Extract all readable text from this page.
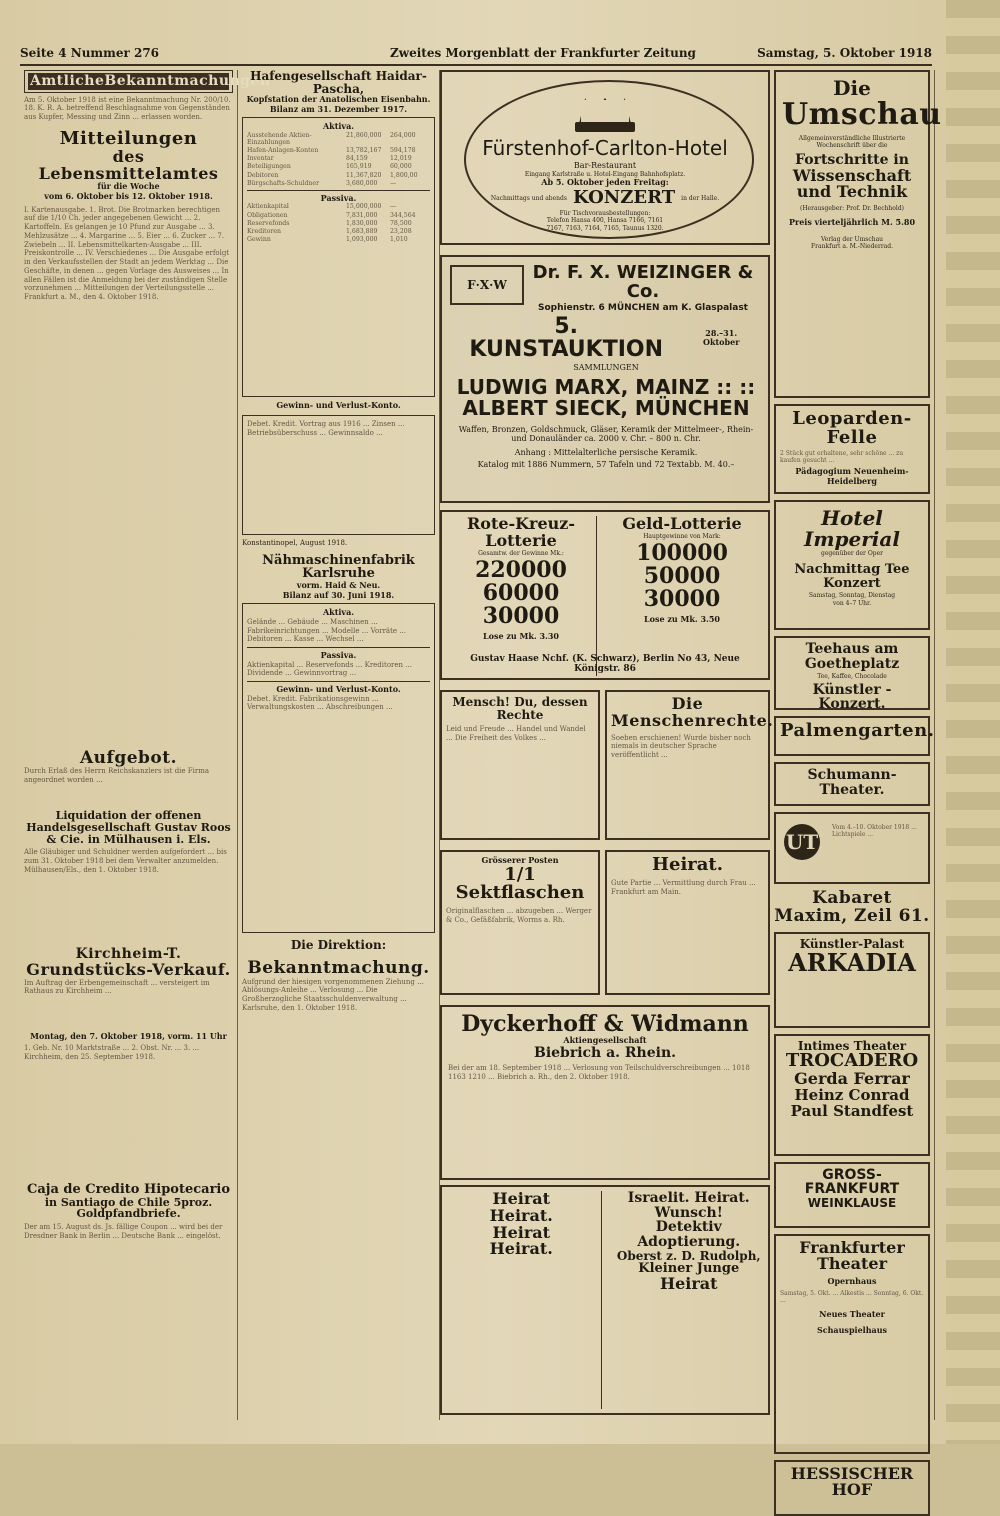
Seite 4 Nummer 276	Zweites Morgenblatt der Frankfurter Zeitung	Samstag, 5. Oktober 1918
AmtlicheBekanntmachungen
Am 5. Oktober 1918 ist eine Bekanntmachung Nr. 200/10. 18. K. R. A. betreffend Beschlagnahme von Gegenständen aus Kupfer, Messing und Zinn ... erlassen worden.
Mitteilungen
des Lebensmittelamtes
für die Woche
vom 6. Oktober bis 12. Oktober 1918.
I. Kartenausgabe. 1. Brot. Die Brotmarken berechtigen auf die 1/10 Ch. jeder angegebenen Gewicht ... 2. Kartoffeln. Es gelangen je 10 Pfund zur Ausgabe ... 3. Mehlzusätze ... 4. Margarine ... 5. Eier ... 6. Zucker ... 7. Zwiebeln ... II. Lebensmittelkarten-Ausgabe ... III. Preiskontrolle ... IV. Verschiedenes ... Die Ausgabe erfolgt in den Verkaufsstellen der Stadt an jedem Werktag ... Die Geschäfte, in denen ... gegen Vorlage des Ausweises ... In allen Fällen ist die Anmeldung bei der zuständigen Stelle vorzunehmen ... Mitteilungen der Verteilungsstelle ... Frankfurt a. M., den 4. Oktober 1918.
Aufgebot.
Durch Erlaß des Herrn Reichskanzlers ist die Firma angeordnet worden ...
Liquidation der offenen Handelsgesellschaft Gustav Roos & Cie. in Mülhausen i. Els.
Alle Gläubiger und Schuldner werden aufgefordert ... bis zum 31. Oktober 1918 bei dem Verwalter anzumelden. Mülhausen/Els., den 1. Oktober 1918.
Kirchheim-T.
Grundstücks-Verkauf.
Im Auftrag der Erbengemeinschaft ... versteigert im Rathaus zu Kirchheim ...
Montag, den 7. Oktober 1918, vorm. 11 Uhr
1. Geb. Nr. 10 Marktstraße ... 2. Obst. Nr. ... 3. ... Kirchheim, den 25. September 1918.
Caja de Credito Hipotecario
in Santiago de Chile 5proz. Goldpfandbriefe.
Der am 15. August ds. Js. fällige Coupon ... wird bei der Dresdner Bank in Berlin ... Deutsche Bank ... eingelöst.
Hafengesellschaft Haidar-Pascha,
Kopfstation der Anatolischen Eisenbahn.
Bilanz am 31. Dezember 1917.
Aktiva.
Ausstehende Aktien-Einzahlungen
21,860,000	264,000
Hafen-Anlagen-Konten	13,782,167	594,178
Inventar	84,159	12,019
Beteiligungen	165,919	60,000
Debitoren	11,367,820	1,800,00
Bürgschafts-Schuldner	3,680,000	—
Passiva.
Aktienkapital	15,000,000	—
Obligationen	7,831,000	344,564
Reservefonds	1,830,000	78,500
Kreditoren	1,683,889	23,208
Gewinn	1,093,000	1,010
Gewinn- und Verlust-Konto.
Debet. Kredit. Vortrag aus 1916 ... Zinsen ... Betriebsüberschuss ... Gewinnsaldo ...
Konstantinopel, August 1918.
Nähmaschinenfabrik Karlsruhe
vorm. Haid & Neu.
Bilanz auf 30. Juni 1918.
Aktiva.
Gelände ... Gebäude ... Maschinen ... Fabrikeinrichtungen ... Modelle ... Vorräte ... Debitoren ... Kasse ... Wechsel ...
Passiva.
Aktienkapital ... Reservefonds ... Kreditoren ... Dividende ... Gewinnvortrag ...
Gewinn- und Verlust-Konto.
Debet. Kredit. Fabrikationsgewinn ... Verwaltungskosten ... Abschreibungen ...
Die Direktion:
Bekanntmachung.
Aufgrund der hiesigen vorgenommenen Ziehung ... Ablösungs-Anleihe ... Verlosung ... Die Großherzogliche Staatsschuldenverwaltung ... Karlsruhe, den 1. Oktober 1918.
Fürstenhof-Carlton-Hotel
Bar-Restaurant
Eingang Karlstraße u. Hotel-Eingang Bahnhofsplatz.
Ab 5. Oktober jeden Freitag:
Nachmittags und abends KONZERT in der Halle.
Für Tischvorausbestellungen:
Telefon Hansa 400, Hansa 7166, 7161
7167, 7163, 7164, 7165, Taunus 1320.
F·X·W
Dr. F. X. WEIZINGER & Co.
Sophienstr. 6 MÜNCHEN am K. Glaspalast
5. KUNSTAUKTION
28.–31. Oktober
SAMMLUNGEN
LUDWIG MARX, MAINZ :: ::
ALBERT SIECK, MÜNCHEN
Waffen, Bronzen, Goldschmuck, Gläser, Keramik der Mittelmeer-, Rhein- und Donauländer ca. 2000 v. Chr. – 800 n. Chr.
Anhang : Mittelalterliche persische Keramik.
Katalog mit 1886 Nummern, 57 Tafeln und 72 Textabb. M. 40.–
Rote-Kreuz-Lotterie
Gesamtw. der Gewinne Mk.:
220000
60000
30000
Lose zu Mk. 3.30
Geld-Lotterie
Hauptgewinne von Mark:
100000
50000
30000
Lose zu Mk. 3.50
Gustav Haase Nchf. (K. Schwarz), Berlin No 43, Neue Königstr. 86
Mensch! Du, dessen Rechte
Leid und Freude ... Handel und Wandel ... Die Freiheit des Volkes ...
Die Menschenrechte.
Soeben erschienen! Wurde bisher noch niemals in deutscher Sprache veröffentlicht ...
Grösserer Posten
1/1 Sektflaschen
Originalflaschen ... abzugeben ... Werger & Co., Gefäßfabrik, Worms a. Rh.
Heirat.
Gute Partie ... Vermittlung durch Frau ... Frankfurt am Main.
Dyckerhoff & Widmann
Aktiengesellschaft
Biebrich a. Rhein.
Bei der am 18. September 1918 ... Verlosung von Teilschuldverschreibungen ... 1018 1163 1210 ... Biebrich a. Rh., den 2. Oktober 1918.
Heirat
Heirat.
Heirat
Heirat.
Israelit. Heirat.
Wunsch!
Detektiv
Adoptierung.
Oberst z. D. Rudolph,
Kleiner Junge
Heirat
Die
Umschau
Allgemeinverständliche Illustrierte Wochenschrift über die
Fortschritte in
Wissenschaft und Technik
(Herausgeber: Prof. Dr. Bechhold)
Preis vierteljährlich M. 5.80
Verlag der Umschau
Frankfurt a. M.-Niederrad.
Leoparden-Felle
2 Stück gut erhaltene, sehr schöne ... zu kaufen gesucht ...
Pädagogium Neuenheim-Heidelberg
Hotel Imperial
gegenüber der Oper
Nachmittag Tee Konzert
Samstag, Sonntag, Dienstag
von 4–7 Uhr.
Teehaus am Goetheplatz
Tee, Kaffee, Chocolade
Künstler - Konzert.
Palmengarten.
Schumann-Theater.
UT
Vom 4.–10. Oktober 1918 ... Lichtspiele ...
Kabaret Maxim, Zeil 61.
Künstler-Palast
ARKADIA
Intimes Theater
TROCADERO
Gerda Ferrar
Heinz Conrad
Paul Standfest
GROSS-FRANKFURT
WEINKLAUSE
Frankfurter Theater
Opernhaus
Samstag, 5. Okt. ... Alkestis ... Sonntag, 6. Okt. ...
Neues Theater
Schauspielhaus
HESSISCHER HOF
